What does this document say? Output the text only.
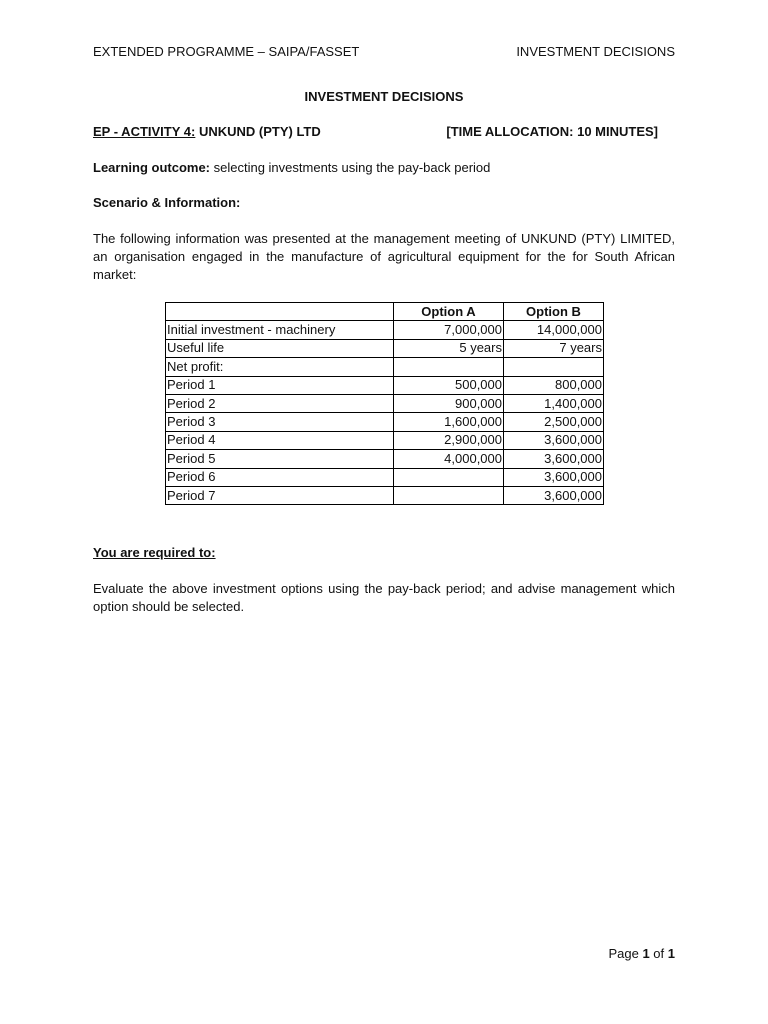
EXTENDED PROGRAMME – SAIPA/FASSET	INVESTMENT DECISIONS
INVESTMENT DECISIONS
EP - ACTIVITY 4: UNKUND (PTY) LTD	[TIME ALLOCATION: 10 MINUTES]
Learning outcome: selecting investments using the pay-back period
Scenario & Information:
The following information was presented at the management meeting of UNKUND (PTY) LIMITED, an organisation engaged in the manufacture of agricultural equipment for the for South African market:
	Option A	Option B
Initial investment - machinery	7,000,000	14,000,000
Useful life	5 years	7 years
Net profit:		
Period 1	500,000	800,000
Period 2	900,000	1,400,000
Period 3	1,600,000	2,500,000
Period 4	2,900,000	3,600,000
Period 5	4,000,000	3,600,000
Period 6		3,600,000
Period 7		3,600,000
You are required to:
Evaluate the above investment options using the pay-back period; and advise management which option should be selected.
Page 1 of 1
